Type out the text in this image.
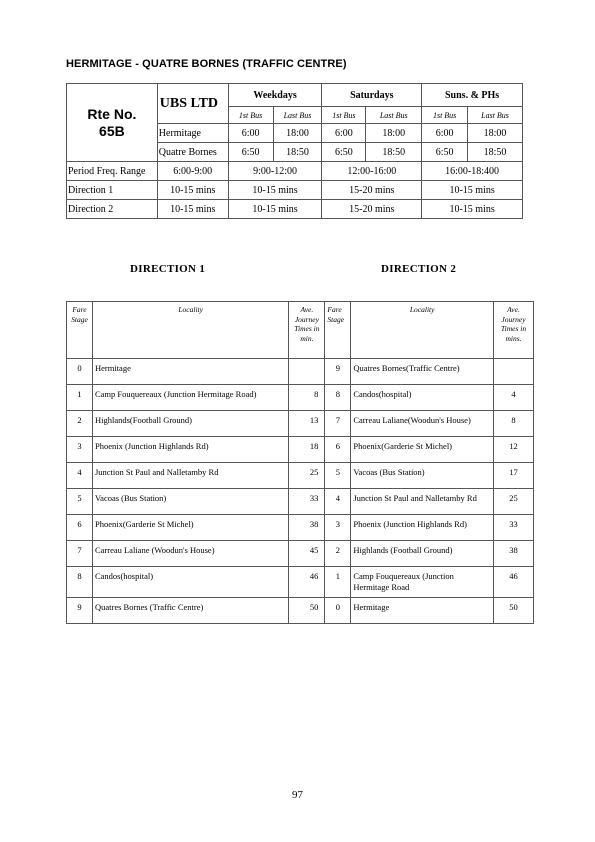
HERMITAGE - QUATRE BORNES (TRAFFIC CENTRE)
Rte No.
65B	UBS LTD	Weekdays		Saturdays		Suns. & PHs	
		1st Bus	Last Bus	1st Bus	Last Bus	1st Bus	Last Bus
	Hermitage	6:00	18:00	6:00	18:00	6:00	18:00
	Quatre Bornes	6:50	18:50	6:50	18:50	6:50	18:50
Period Freq. Range	6:00-9:00	9:00-12:00		12:00-16:00		16:00-18:400	
Direction 1	10-15 mins	10-15 mins		15-20 mins		10-15 mins	
Direction 2	10-15 mins	10-15 mins		15-20 mins		10-15 mins	
DIRECTION 1	DIRECTION 2
Fare Stage	Locality	Ave. Journey Times in min.	Fare Stage	Locality	Ave. Journey Times in mins.
0	Hermitage		9	Quatres Bornes(Traffic Centre)	
1	Camp Fouquereaux (Junction Hermitage Road)	8	8	Candos(hospital)	4
2	Highlands(Football Ground)	13	7	Carreau Laliane(Woodun's House)	8
3	Phoenix (Junction Highlands Rd)	18	6	Phoenix(Garderie St Michel)	12
4	Junction St Paul and Nalletamby Rd	25	5	Vacoas (Bus Station)	17
5	Vacoas (Bus Station)	33	4	Junction St Paul and Nalletamby Rd	25
6	Phoenix(Garderie St Michel)	38	3	Phoenix (Junction Highlands Rd)	33
7	Carreau Laliane (Woodun's House)	45	2	Highlands (Football Ground)	38
8	Candos(hospital)	46	1	Camp Fouquereaux (Junction Hermitage Road	46
9	Quatres Bornes (Traffic Centre)	50	0	Hermitage	50
97
